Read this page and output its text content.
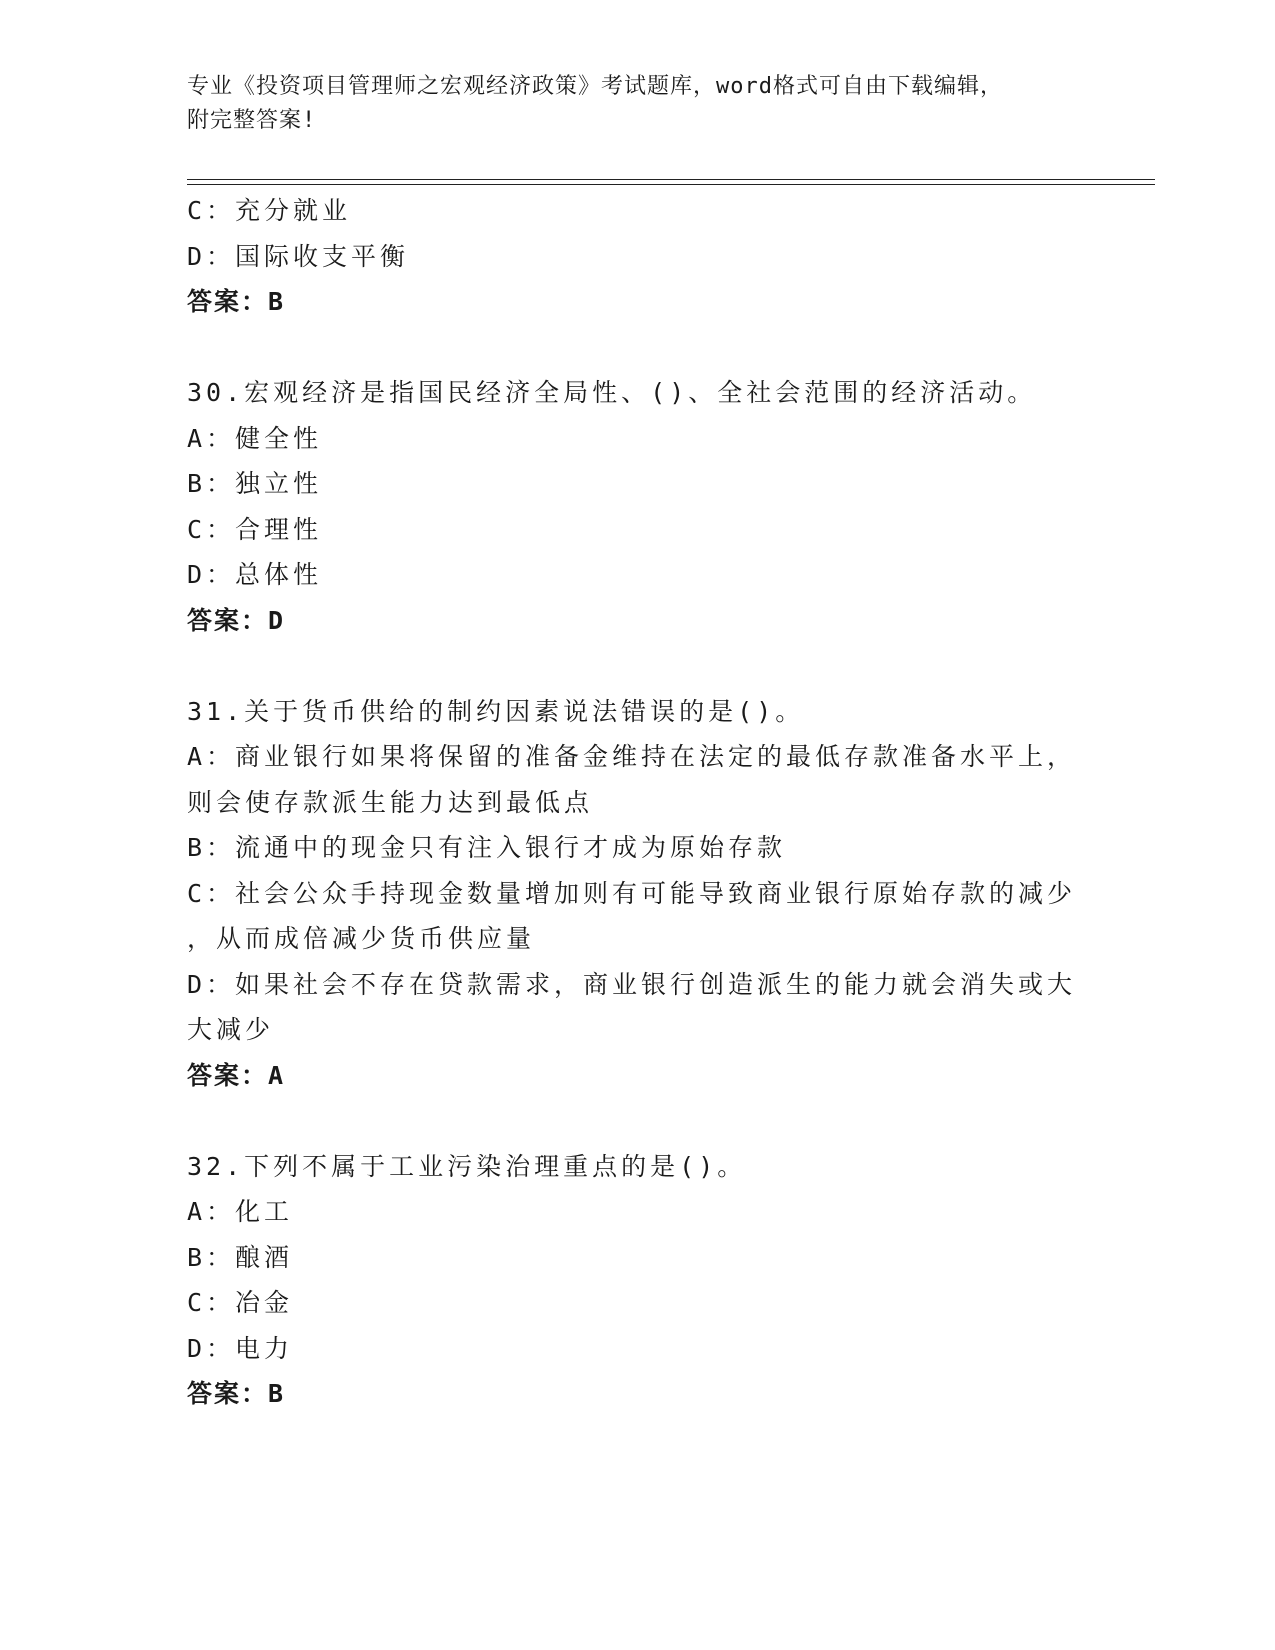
专业《投资项目管理师之宏观经济政策》考试题库，word格式可自由下载编辑，
附完整答案!
C：充分就业
D：国际收支平衡
答案：B
30.宏观经济是指国民经济全局性、()、全社会范围的经济活动。
A：健全性
B：独立性
C：合理性
D：总体性
答案：D
31.关于货币供给的制约因素说法错误的是()。
A：商业银行如果将保留的准备金维持在法定的最低存款准备水平上，
则会使存款派生能力达到最低点
B：流通中的现金只有注入银行才成为原始存款
C：社会公众手持现金数量增加则有可能导致商业银行原始存款的减少
，从而成倍减少货币供应量
D：如果社会不存在贷款需求，商业银行创造派生的能力就会消失或大
大减少
答案：A
32.下列不属于工业污染治理重点的是()。
A：化工
B：酿酒
C：冶金
D：电力
答案：B
